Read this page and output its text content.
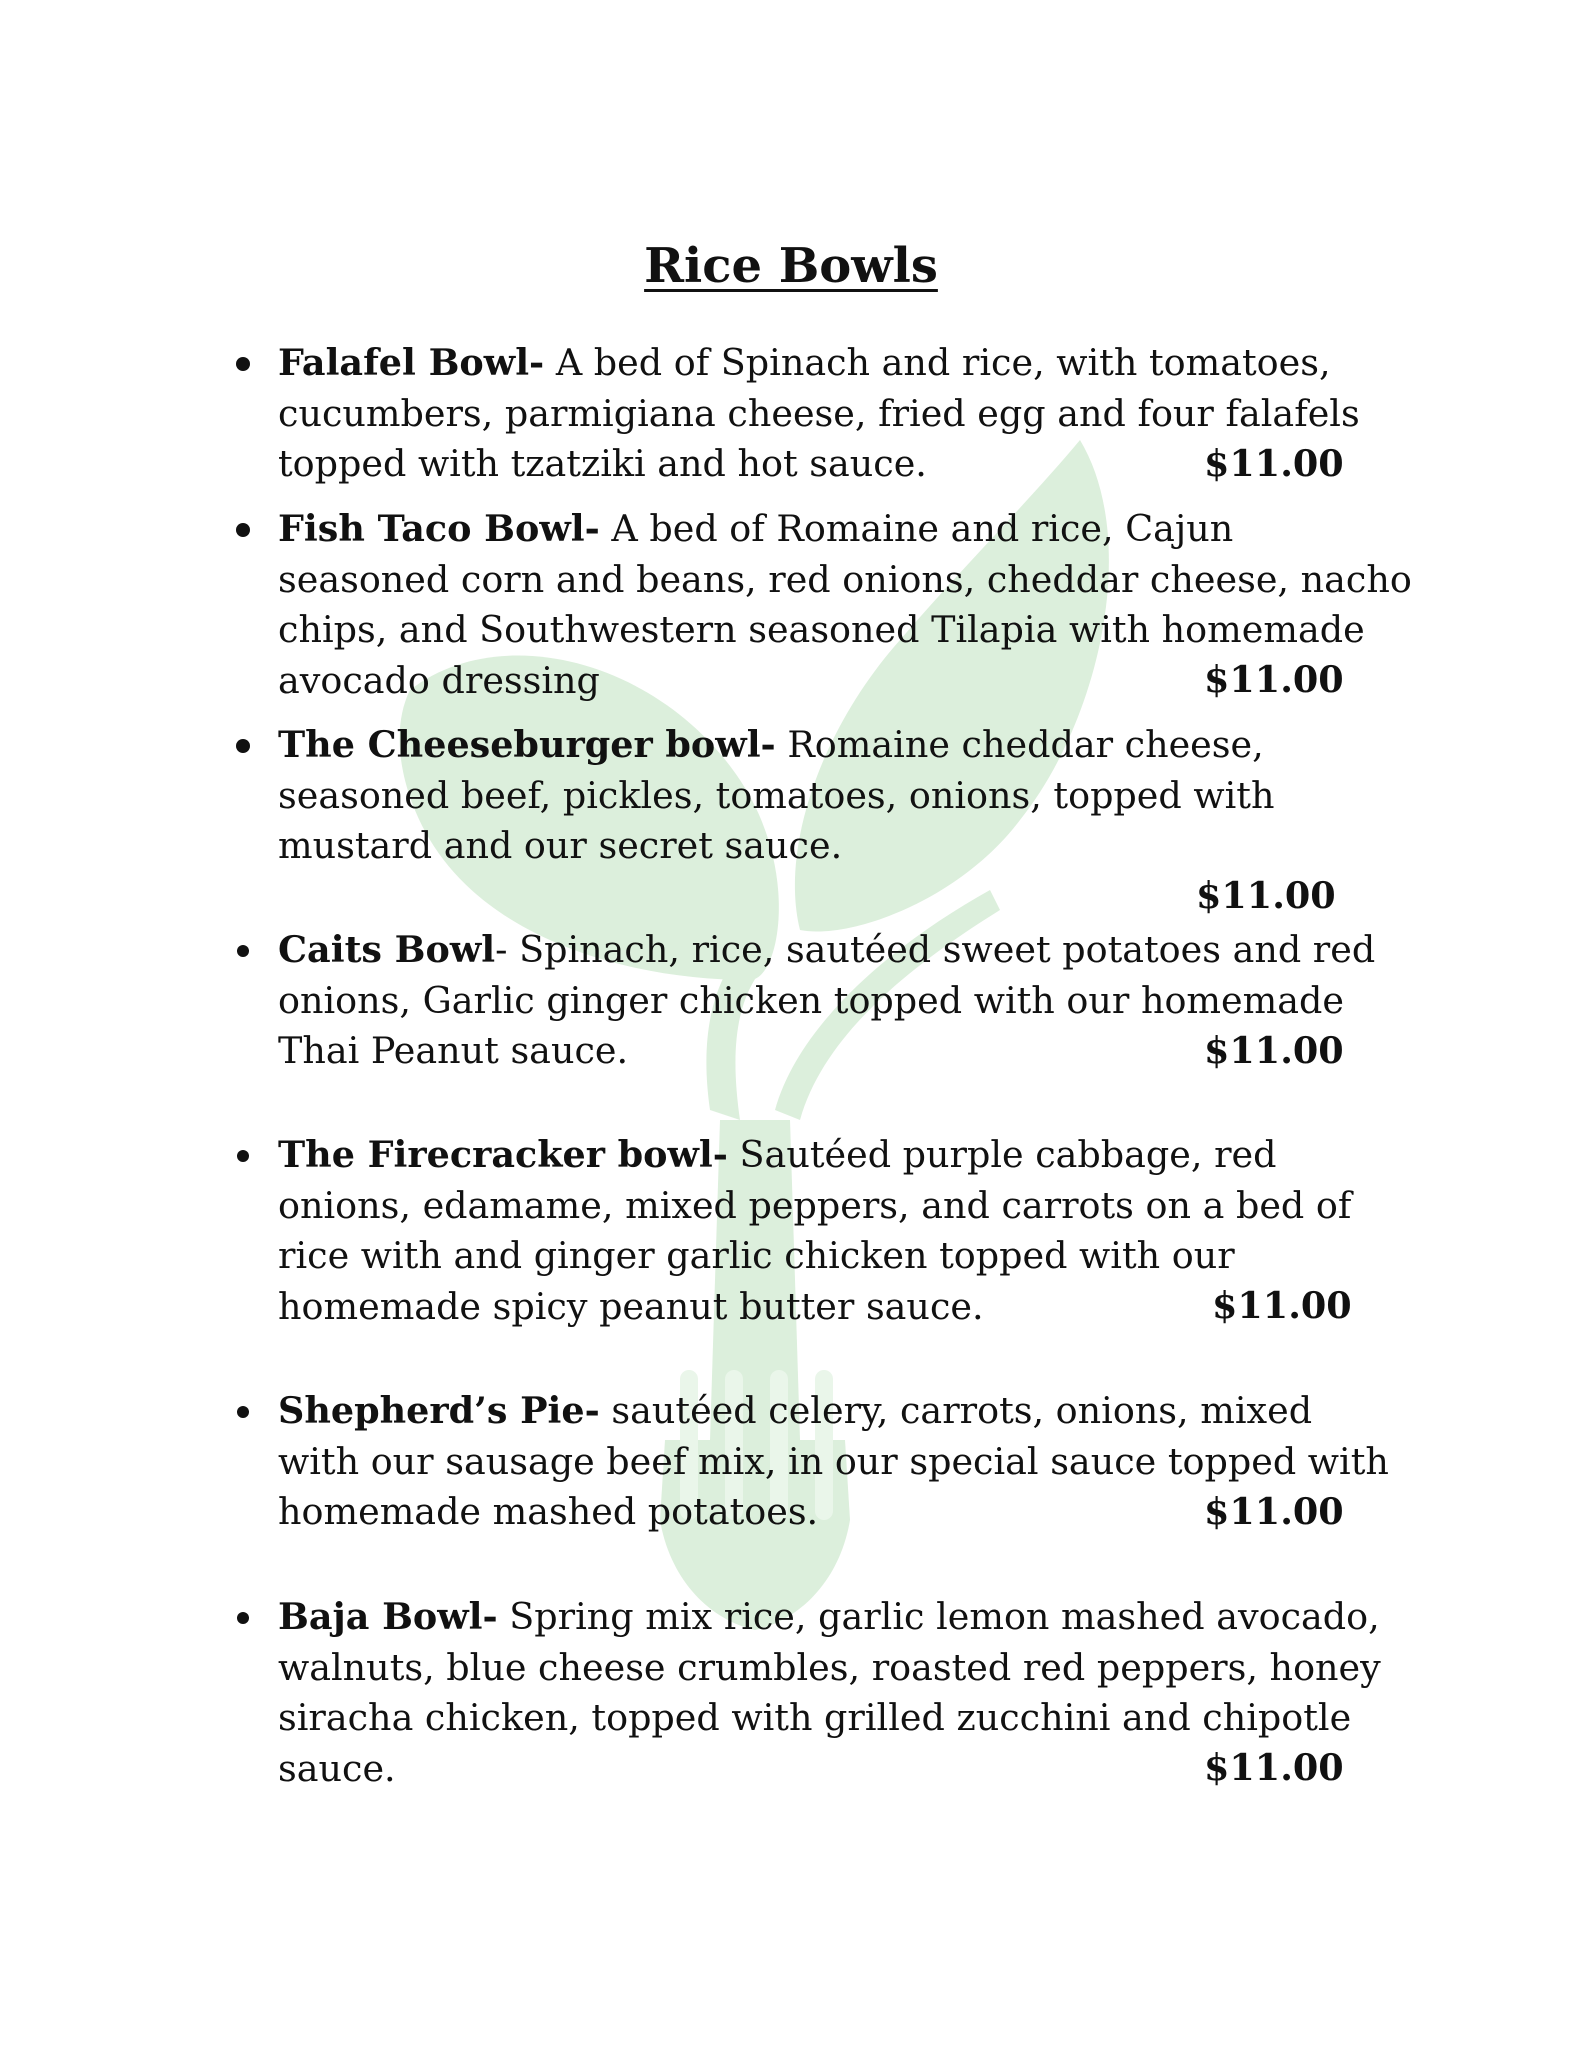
Rice Bowls
Falafel Bowl- A bed of Spinach and rice, with tomatoes,
cucumbers, parmigiana cheese, fried egg and four falafels
topped with tzatziki and hot sauce.	$11.00
Fish Taco Bowl- A bed of Romaine and rice, Cajun
seasoned corn and beans, red onions, cheddar cheese, nacho
chips, and Southwestern seasoned Tilapia with homemade
avocado dressing	$11.00
The Cheeseburger bowl- Romaine cheddar cheese,
seasoned beef, pickles, tomatoes, onions, topped with
mustard and our secret sauce.
$11.00
Caits Bowl- Spinach, rice, sautéed sweet potatoes and red
onions, Garlic ginger chicken topped with our homemade
Thai Peanut sauce.	$11.00
The Firecracker bowl- Sautéed purple cabbage, red
onions, edamame, mixed peppers, and carrots on a bed of
rice with and ginger garlic chicken topped with our
homemade spicy peanut butter sauce.	$11.00
Shepherd’s Pie- sautéed celery, carrots, onions, mixed
with our sausage beef mix, in our special sauce topped with
homemade mashed potatoes.	$11.00
Baja Bowl- Spring mix rice, garlic lemon mashed avocado,
walnuts, blue cheese crumbles, roasted red peppers, honey
siracha chicken, topped with grilled zucchini and chipotle
sauce.	$11.00
